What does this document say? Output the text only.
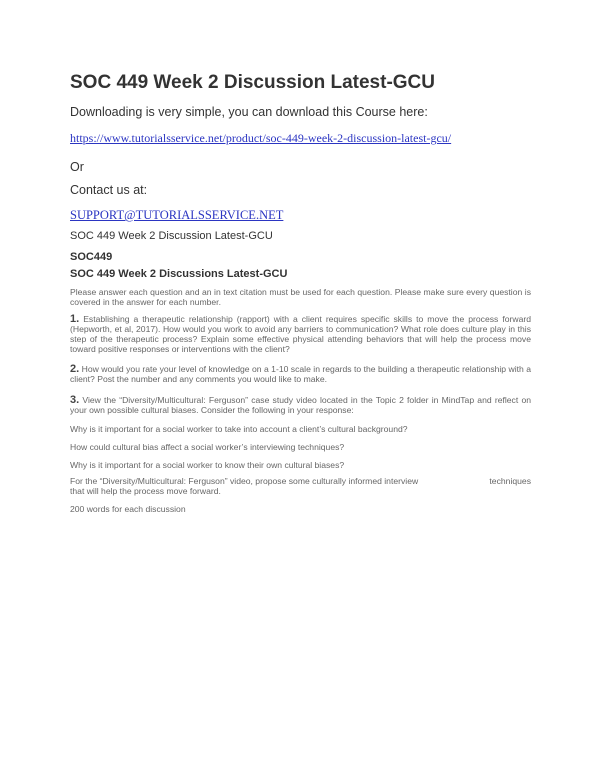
SOC 449 Week 2 Discussion Latest-GCU

Downloading is very simple, you can download this Course here:

https://www.tutorialsservice.net/product/soc-449-week-2-discussion-latest-gcu/

Or

Contact us at:

SUPPORT@TUTORIALSSERVICE.NET

SOC 449 Week 2 Discussion Latest-GCU

SOC449

SOC 449 Week 2 Discussions Latest-GCU

Please answer each question and an in text citation must be used for each question. Please make sure every question is covered in the answer for each number.

1. Establishing a therapeutic relationship (rapport) with a client requires specific skills to move the process forward (Hepworth, et al, 2017). How would you work to avoid any barriers to communication? What role does culture play in this step of the therapeutic process? Explain some effective physical attending behaviors that will help the process move toward positive responses or interventions with the client?

2. How would you rate your level of knowledge on a 1-10 scale in regards to the building a therapeutic relationship with a client? Post the number and any comments you would like to make.

3. View the “Diversity/Multicultural: Ferguson” case study video located in the Topic 2 folder in MindTap and reflect on your own possible cultural biases. Consider the following in your response:

Why is it important for a social worker to take into account a client’s cultural background?

How could cultural bias affect a social worker’s interviewing techniques?

Why is it important for a social worker to know their own cultural biases?

For the “Diversity/Multicultural: Ferguson” video, propose some culturally informed interview	techniques

that will help the process move forward.

200 words for each discussion
